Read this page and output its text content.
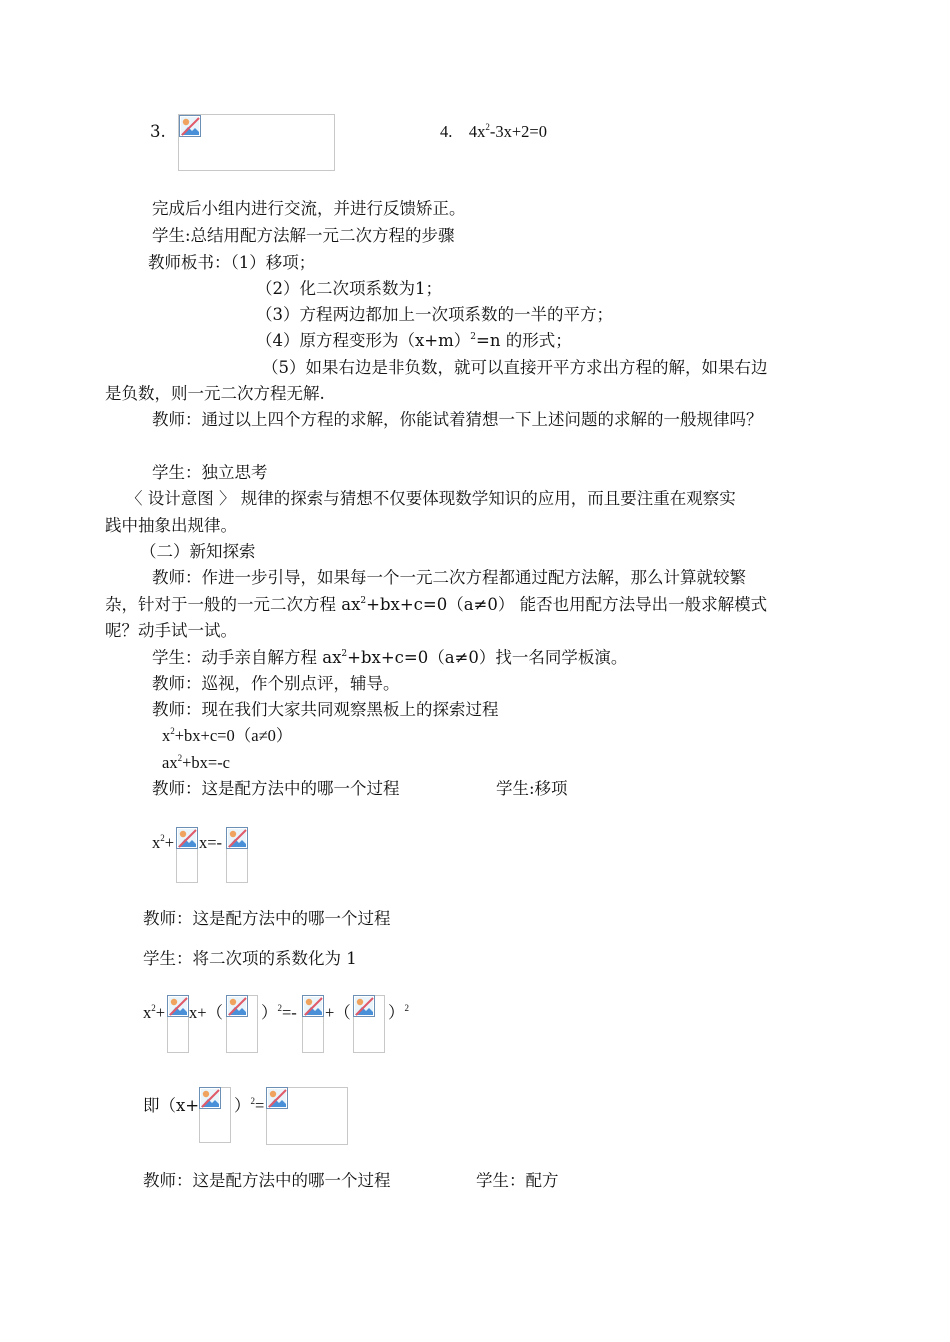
3.	4. $4x^2-3x+2=0$
完成后小组内进行交流，并进行反馈矫正。
学生:总结用配方法解一元二次方程的步骤
教师板书：（1）移项；
（2）化二次项系数为1；
（3）方程两边都加上一次项系数的一半的平方；
（4）原方程变形为$(x+m)^2=n$ 的形式；
（5）如果右边是非负数，就可以直接开平方求出方程的解，如果右边
是负数，则一元二次方程无解.
教师：通过以上四个方程的求解，你能试着猜想一下上述问题的求解的一般规律吗？
学生：独立思考
〈 设计意图 〉 规律的探索与猜想不仅要体现数学知识的应用，而且要注重在观察实
践中抽象出规律。
（二）新知探索
教师：作进一步引导，如果每一个一元二次方程都通过配方法解，那么计算就较繁
杂，针对于一般的一元二次方程 $ax^2+bx+c=0(a\ne 0)$ 能否也用配方法导出一般求解模式
呢？动手试一试。
学生：动手亲自解方程 $ax^2+bx+c=0(a\ne 0)$找一名同学板演。
教师：巡视，作个别点评，辅导。
教师：现在我们大家共同观察黑板上的探索过程
$x^2+bx+c=0(a\ne 0)$
$ax^2+bx=-c$
教师：这是配方法中的哪一个过程	学生:移项
$x^2+ x=-$
教师：这是配方法中的哪一个过程
学生：将二次项的系数化为 1
$x^2+ x+$（ ）$^2$=- +（ ）$^2$
即$(x+ )^2=$
教师：这是配方法中的哪一个过程	学生：配方
